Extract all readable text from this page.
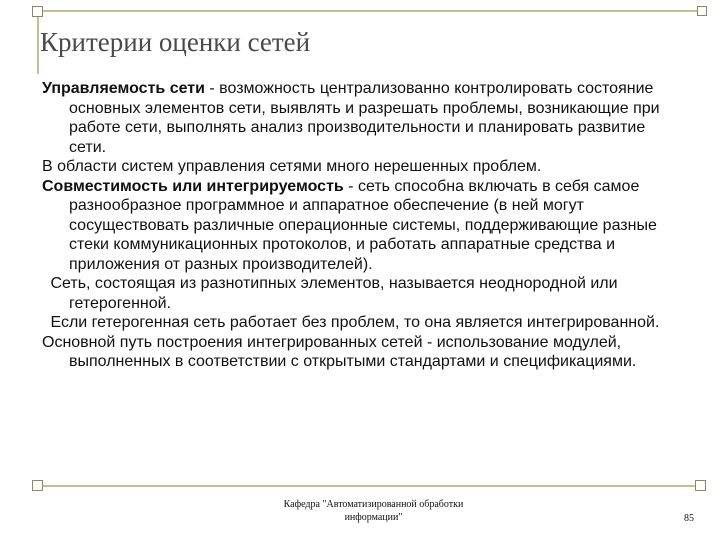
Критерии оценки сетей

Управляемость сети - возможность централизованно контролировать состояние основных элементов сети, выявлять и разрешать проблемы, возникающие при работе сети, выполнять анализ производительности и планировать развитие сети.

В области систем управления сетями много нерешенных проблем.

Совместимость или интегрируемость - сеть способна включать в себя самое разнообразное программное и аппаратное обеспечение (в ней могут сосуществовать различные операционные системы, поддерживающие разные стеки коммуникационных протоколов, и работать аппаратные средства и приложения от разных производителей).

Сеть, состоящая из разнотипных элементов, называется неоднородной или гетерогенной.

Если гетерогенная сеть работает без проблем, то она является интегрированной.

Основной путь построения интегрированных сетей - использование модулей, выполненных в соответствии с открытыми стандартами и спецификациями.

Кафедра "Автоматизированной обработки
информации"	85
